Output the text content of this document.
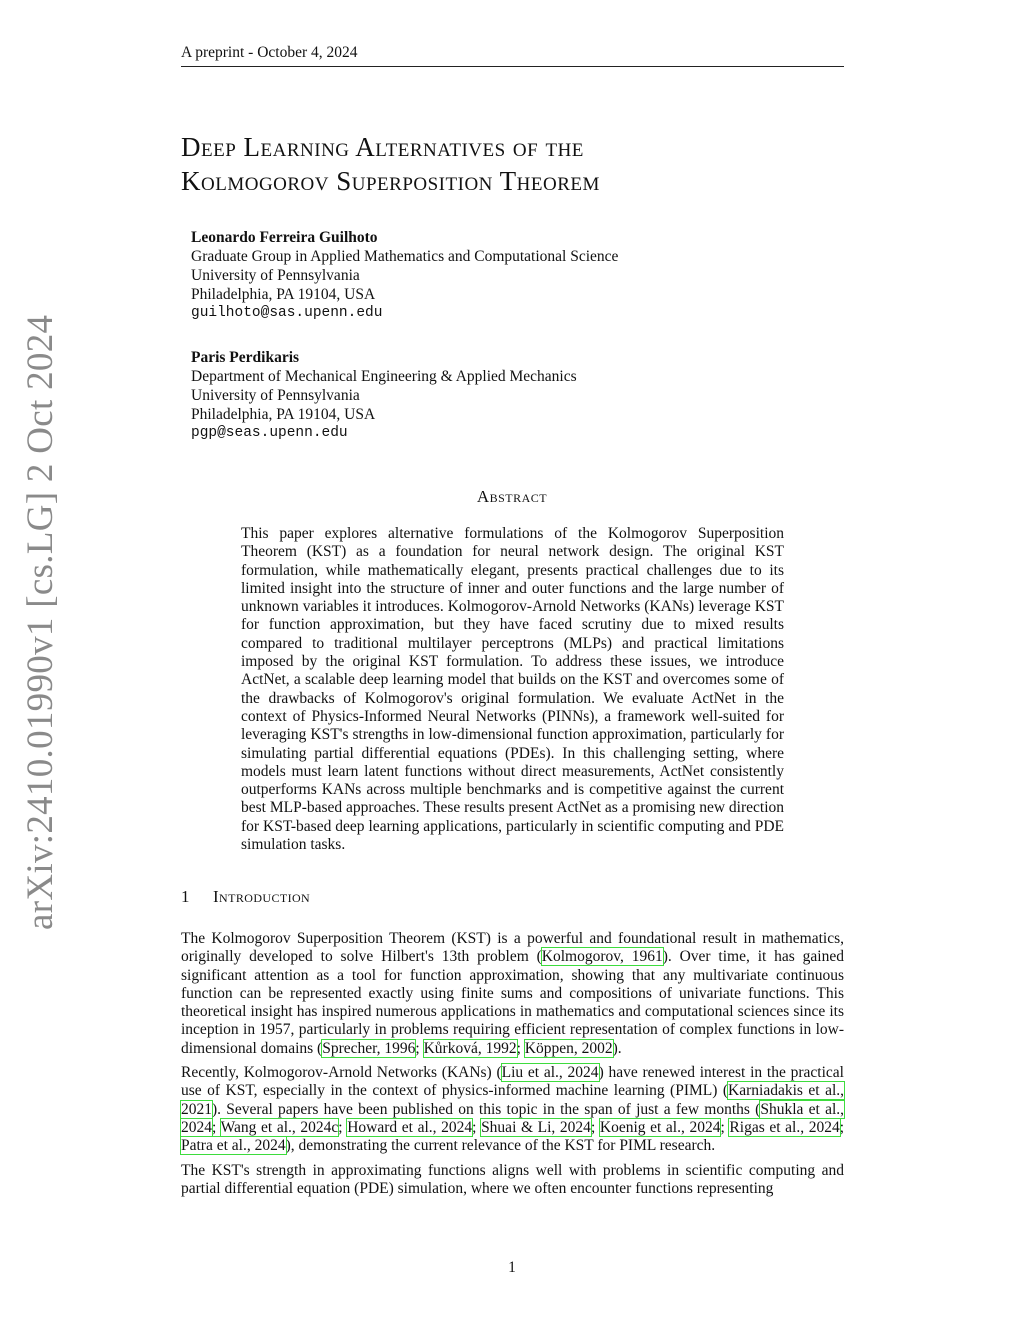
A preprint - October 4, 2024
arXiv:2410.01990v1 [cs.LG] 2 Oct 2024
Deep Learning Alternatives of the
Kolmogorov Superposition Theorem
Leonardo Ferreira Guilhoto
Graduate Group in Applied Mathematics and Computational Science
University of Pennsylvania
Philadelphia, PA 19104, USA
guilhoto@sas.upenn.edu
Paris Perdikaris
Department of Mechanical Engineering & Applied Mechanics
University of Pennsylvania
Philadelphia, PA 19104, USA
pgp@seas.upenn.edu
Abstract
This paper explores alternative formulations of the Kolmogorov Superposition Theorem (KST) as a foundation for neural network design. The original KST formulation, while mathematically elegant, presents practical challenges due to its limited insight into the structure of inner and outer functions and the large number of unknown variables it introduces. Kolmogorov-Arnold Networks (KANs) leverage KST for function approximation, but they have faced scrutiny due to mixed results compared to traditional multilayer perceptrons (MLPs) and practical limitations imposed by the original KST formulation. To address these issues, we introduce ActNet, a scalable deep learning model that builds on the KST and overcomes some of the drawbacks of Kolmogorov's original formulation. We evaluate ActNet in the context of Physics-Informed Neural Networks (PINNs), a framework well-suited for leveraging KST's strengths in low-dimensional function approximation, particularly for simulating partial differential equations (PDEs). In this challenging setting, where models must learn latent functions without direct measurements, ActNet consistently outperforms KANs across multiple benchmarks and is competitive against the current best MLP-based approaches. These results present ActNet as a promising new direction for KST-based deep learning applications, particularly in scientific computing and PDE simulation tasks.
1 Introduction

The Kolmogorov Superposition Theorem (KST) is a powerful and foundational result in mathematics, originally developed to solve Hilbert's 13th problem (Kolmogorov, 1961). Over time, it has gained significant attention as a tool for function approximation, showing that any multivariate continuous function can be represented exactly using finite sums and compositions of univariate functions. This theoretical insight has inspired numerous applications in mathematics and computational sciences since its inception in 1957, particularly in problems requiring efficient representation of complex functions in low-dimensional domains (Sprecher, 1996; Kůrková, 1992; Köppen, 2002).

Recently, Kolmogorov-Arnold Networks (KANs) (Liu et al., 2024) have renewed interest in the practical use of KST, especially in the context of physics-informed machine learning (PIML) (Karniadakis et al., 2021). Several papers have been published on this topic in the span of just a few months (Shukla et al., 2024; Wang et al., 2024c; Howard et al., 2024; Shuai & Li, 2024; Koenig et al., 2024; Rigas et al., 2024; Patra et al., 2024), demonstrating the current relevance of the KST for PIML research.

The KST's strength in approximating functions aligns well with problems in scientific computing and partial differential equation (PDE) simulation, where we often encounter functions representing

1
